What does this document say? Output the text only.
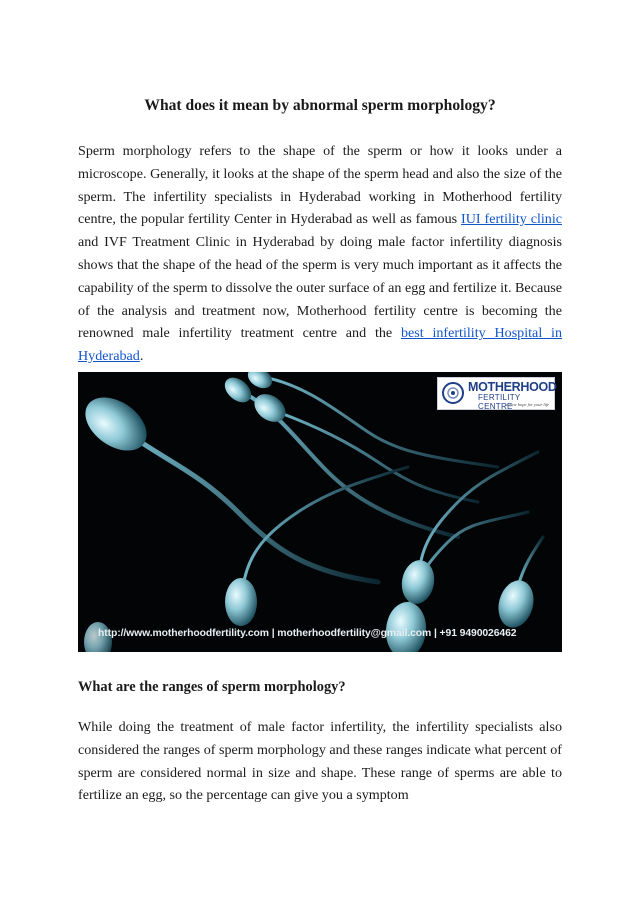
What does it mean by abnormal sperm morphology?

Sperm morphology refers to the shape of the sperm or how it looks under a microscope. Generally, it looks at the shape of the sperm head and also the size of the sperm. The infertility specialists in Hyderabad working in Motherhood fertility centre, the popular fertility Center in Hyderabad as well as famous IUI fertility clinic and IVF Treatment Clinic in Hyderabad by doing male factor infertility diagnosis shows that the shape of the head of the sperm is very much important as it affects the capability of the sperm to dissolve the outer surface of an egg and fertilize it. Because of the analysis and treatment now, Motherhood fertility centre is becoming the renowned male infertility treatment centre and the best infertility Hospital in Hyderabad.

MOTHERHOOD
FERTILITY CENTRE
a new hope for your life
http://www.motherhoodfertility.com | motherhoodfertility@gmail.com | +91 9490026462
What are the ranges of sperm morphology?

While doing the treatment of male factor infertility, the infertility specialists also considered the ranges of sperm morphology and these ranges indicate what percent of sperm are considered normal in size and shape. These range of sperms are able to fertilize an egg, so the percentage can give you a symptom
